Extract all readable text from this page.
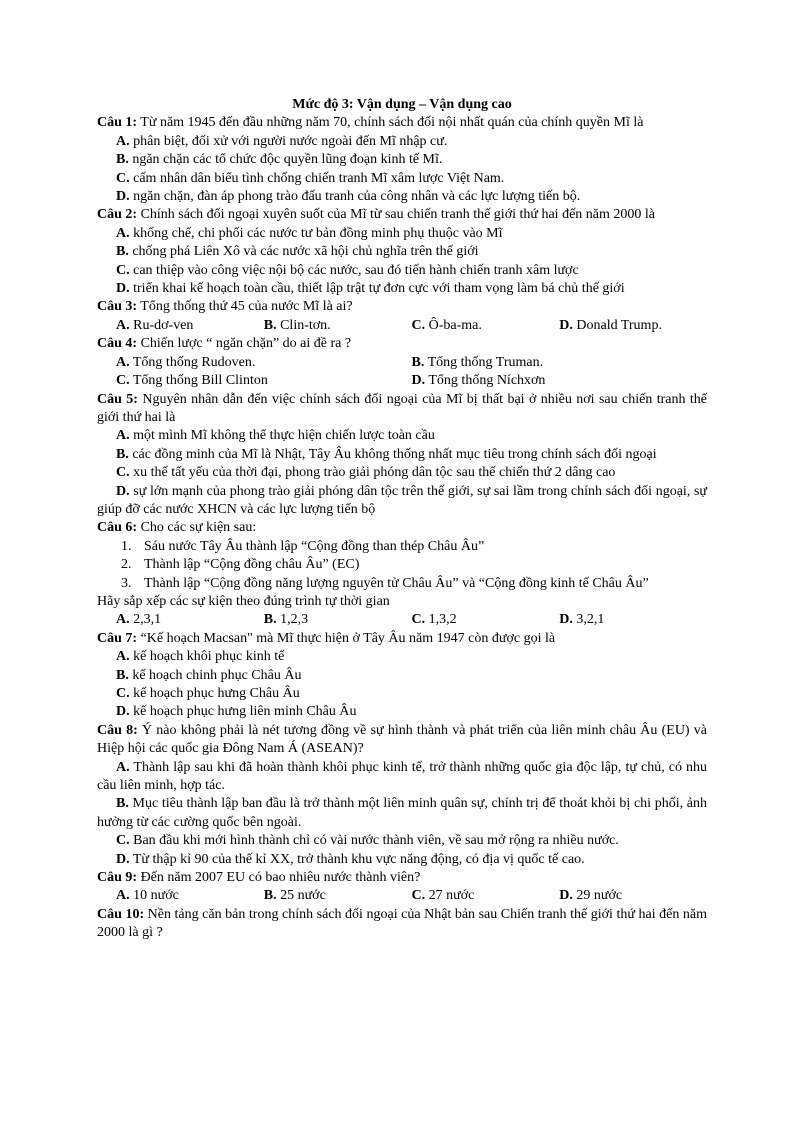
Mức độ 3: Vận dụng – Vận dụng cao
Câu 1: Từ năm 1945 đến đầu những năm 70, chính sách đối nội nhất quán của chính quyền Mĩ là
A. phân biệt, đối xử với người nước ngoài đến Mĩ nhập cư.
B. ngăn chặn các tổ chức độc quyền lũng đoạn kinh tế Mĩ.
C. cấm nhân dân biểu tình chống chiến tranh Mĩ xâm lược Việt Nam.
D. ngăn chặn, đàn áp phong trào đấu tranh của công nhân và các lực lượng tiến bộ.
Câu 2: Chính sách đối ngoại xuyên suốt của Mĩ từ sau chiến tranh thế giới thứ hai đến năm 2000 là
A. khống chế, chi phối các nước tư bản đồng minh phụ thuộc vào Mĩ
B. chống phá Liên Xô và các nước xã hội chủ nghĩa trên thế giới
C. can thiệp vào công việc nội bộ các nước, sau đó tiến hành chiến tranh xâm lược
D. triển khai kế hoạch toàn cầu, thiết lập trật tự đơn cực với tham vọng làm bá chủ thế giới
Câu 3: Tổng thống thứ 45 của nước Mĩ là ai?
A. Ru-dơ-ven	B. Clin-tơn.	C. Ô-ba-ma.	D. Donald Trump.
Câu 4: Chiến lược “ ngăn chặn” do ai đề ra ?
A. Tổng thống Rudoven.	B. Tổng thống Truman.
C. Tổng thống Bill Clinton	D. Tổng thống Níchxơn
Câu 5: Nguyên nhân dẫn đến việc chính sách đối ngoại của Mĩ bị thất bại ở nhiều nơi sau chiến tranh thế giới thứ hai là
A. một mình Mĩ không thể thực hiện chiến lược toàn cầu
B. các đồng minh của Mĩ là Nhật, Tây Âu không thống nhất mục tiêu trong chính sách đối ngoại
C. xu thế tất yếu của thời đại, phong trào giải phóng dân tộc sau thế chiến thứ 2 dâng cao
D. sự lớn mạnh của phong trào giải phóng dân tộc trên thế giới, sự sai lầm trong chính sách đối ngoại, sự giúp đỡ các nước XHCN và các lực lượng tiến bộ
Câu 6: Cho các sự kiện sau:
1. Sáu nước Tây Âu thành lập “Cộng đồng than thép Châu Âu”
2. Thành lập “Cộng đồng châu Âu” (EC)
3. Thành lập “Cộng đồng năng lượng nguyên tử Châu Âu” và “Cộng đồng kinh tế Châu Âu”
Hãy sắp xếp các sự kiện theo đúng trình tự thời gian
A. 2,3,1	B. 1,2,3	C. 1,3,2	D. 3,2,1
Câu 7: “Kế hoạch Macsan" mà Mĩ thực hiện ở Tây Âu năm 1947 còn được gọi là
A. kế hoạch khôi phục kinh tế
B. kế hoạch chinh phục Châu Âu
C. kế hoạch phục hưng Châu Âu
D. kế hoạch phục hưng liên minh Châu Âu
Câu 8: Ý nào không phải là nét tương đồng về sự hình thành và phát triển của liên minh châu Âu (EU) và Hiệp hội các quốc gia Đông Nam Á (ASEAN)?
A. Thành lập sau khi đã hoàn thành khôi phục kinh tế, trở thành những quốc gia độc lập, tự chủ, có nhu cầu liên minh, hợp tác.
B. Mục tiêu thành lập ban đầu là trở thành một liên minh quân sự, chính trị để thoát khỏi bị chi phối, ảnh hưởng từ các cường quốc bên ngoài.
C. Ban đầu khi mới hình thành chỉ có vài nước thành viên, về sau mở rộng ra nhiều nước.
D. Từ thập kỉ 90 của thế kỉ XX, trở thành khu vực năng động, có địa vị quốc tế cao.
Câu 9: Đến năm 2007 EU có bao nhiêu nước thành viên?
A. 10 nước	B. 25 nước	C. 27 nước	D. 29 nước
Câu 10: Nền tảng căn bản trong chính sách đối ngoại của Nhật bản sau Chiến tranh thế giới thứ hai đến năm 2000 là gì ?
